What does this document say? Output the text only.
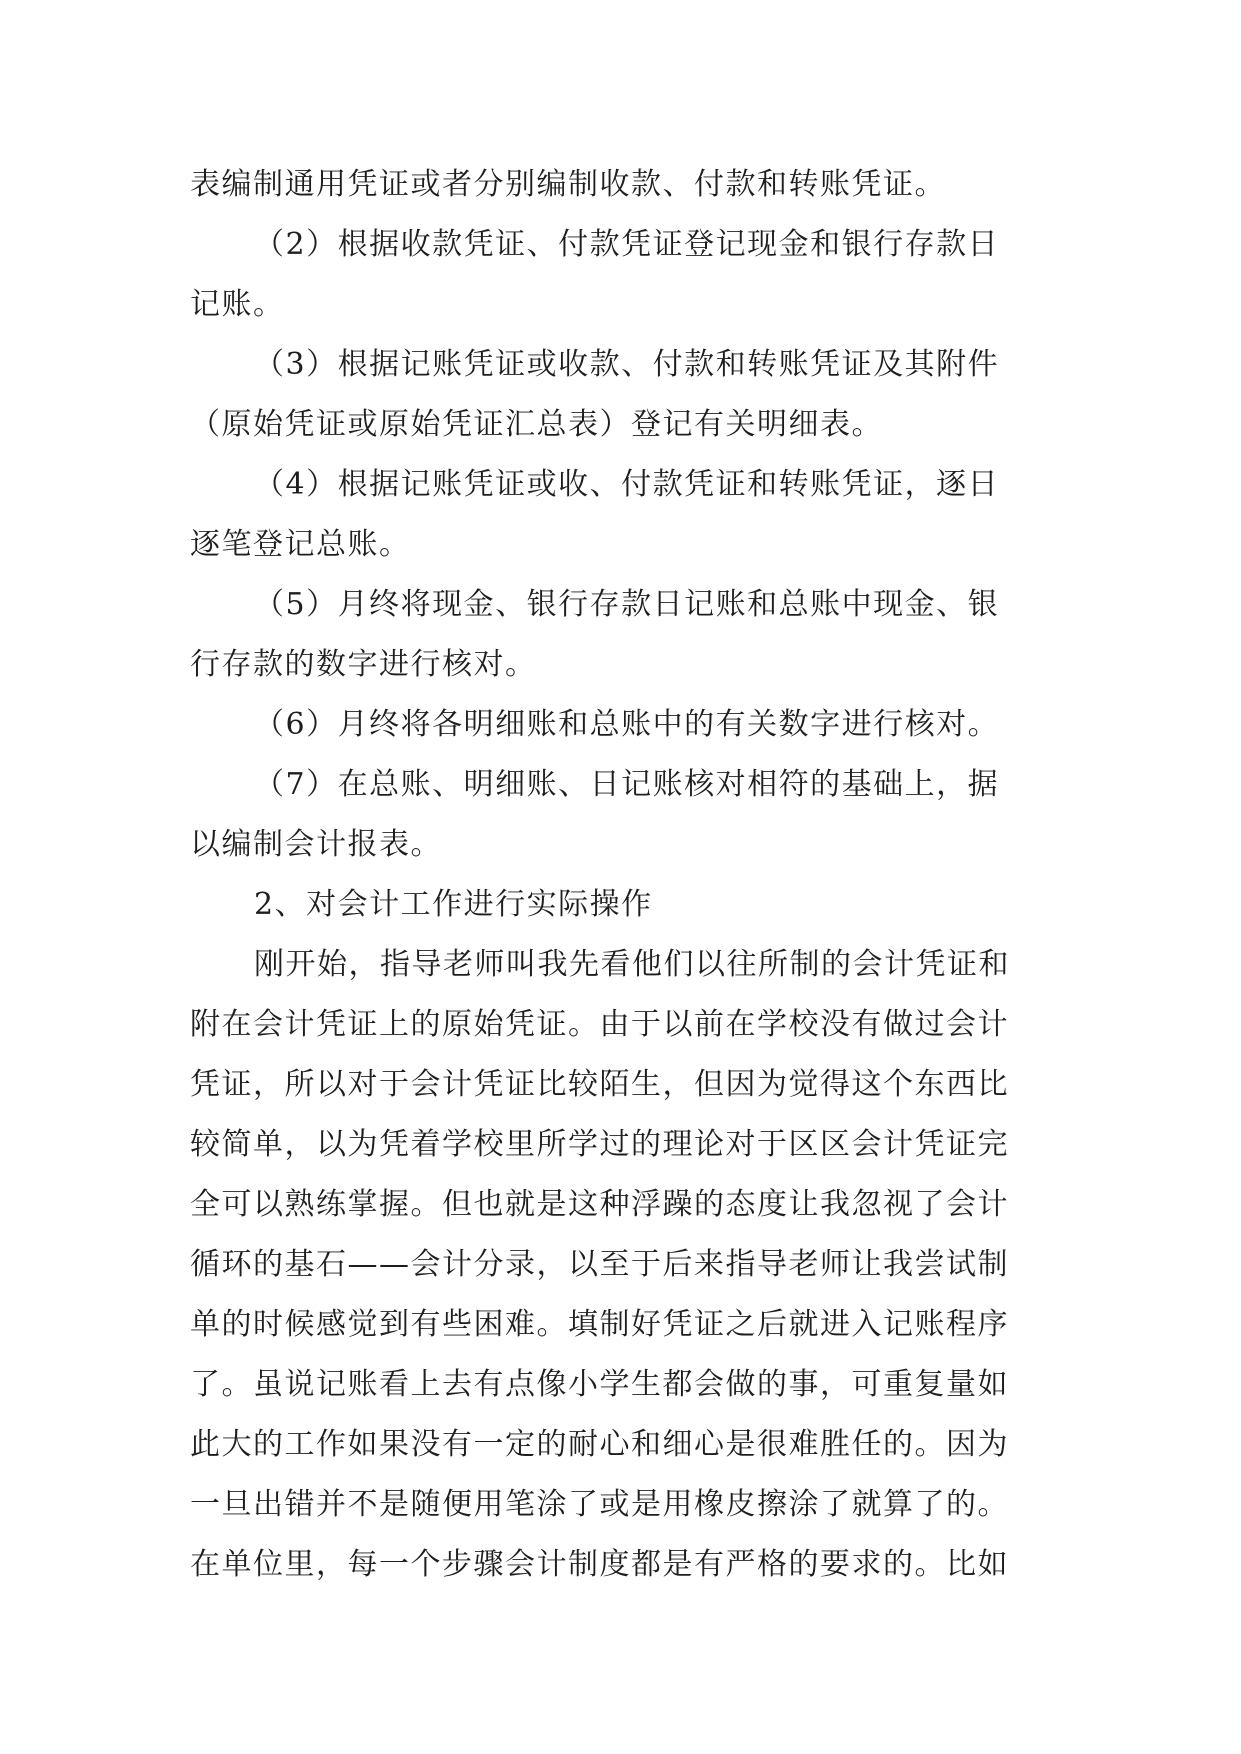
表编制通用凭证或者分别编制收款、付款和转账凭证。
（2）根据收款凭证、付款凭证登记现金和银行存款日
记账。
（3）根据记账凭证或收款、付款和转账凭证及其附件
（原始凭证或原始凭证汇总表）登记有关明细表。
（4）根据记账凭证或收、付款凭证和转账凭证，逐日
逐笔登记总账。
（5）月终将现金、银行存款日记账和总账中现金、银
行存款的数字进行核对。
（6）月终将各明细账和总账中的有关数字进行核对。
（7）在总账、明细账、日记账核对相符的基础上，据
以编制会计报表。
2、对会计工作进行实际操作
刚开始，指导老师叫我先看他们以往所制的会计凭证和
附在会计凭证上的原始凭证。由于以前在学校没有做过会计
凭证，所以对于会计凭证比较陌生，但因为觉得这个东西比
较简单，以为凭着学校里所学过的理论对于区区会计凭证完
全可以熟练掌握。但也就是这种浮躁的态度让我忽视了会计
循环的基石——会计分录，以至于后来指导老师让我尝试制
单的时候感觉到有些困难。填制好凭证之后就进入记账程序
了。虽说记账看上去有点像小学生都会做的事，可重复量如
此大的工作如果没有一定的耐心和细心是很难胜任的。因为
一旦出错并不是随便用笔涂了或是用橡皮擦涂了就算了的。
在单位里，每一个步骤会计制度都是有严格的要求的。比如
